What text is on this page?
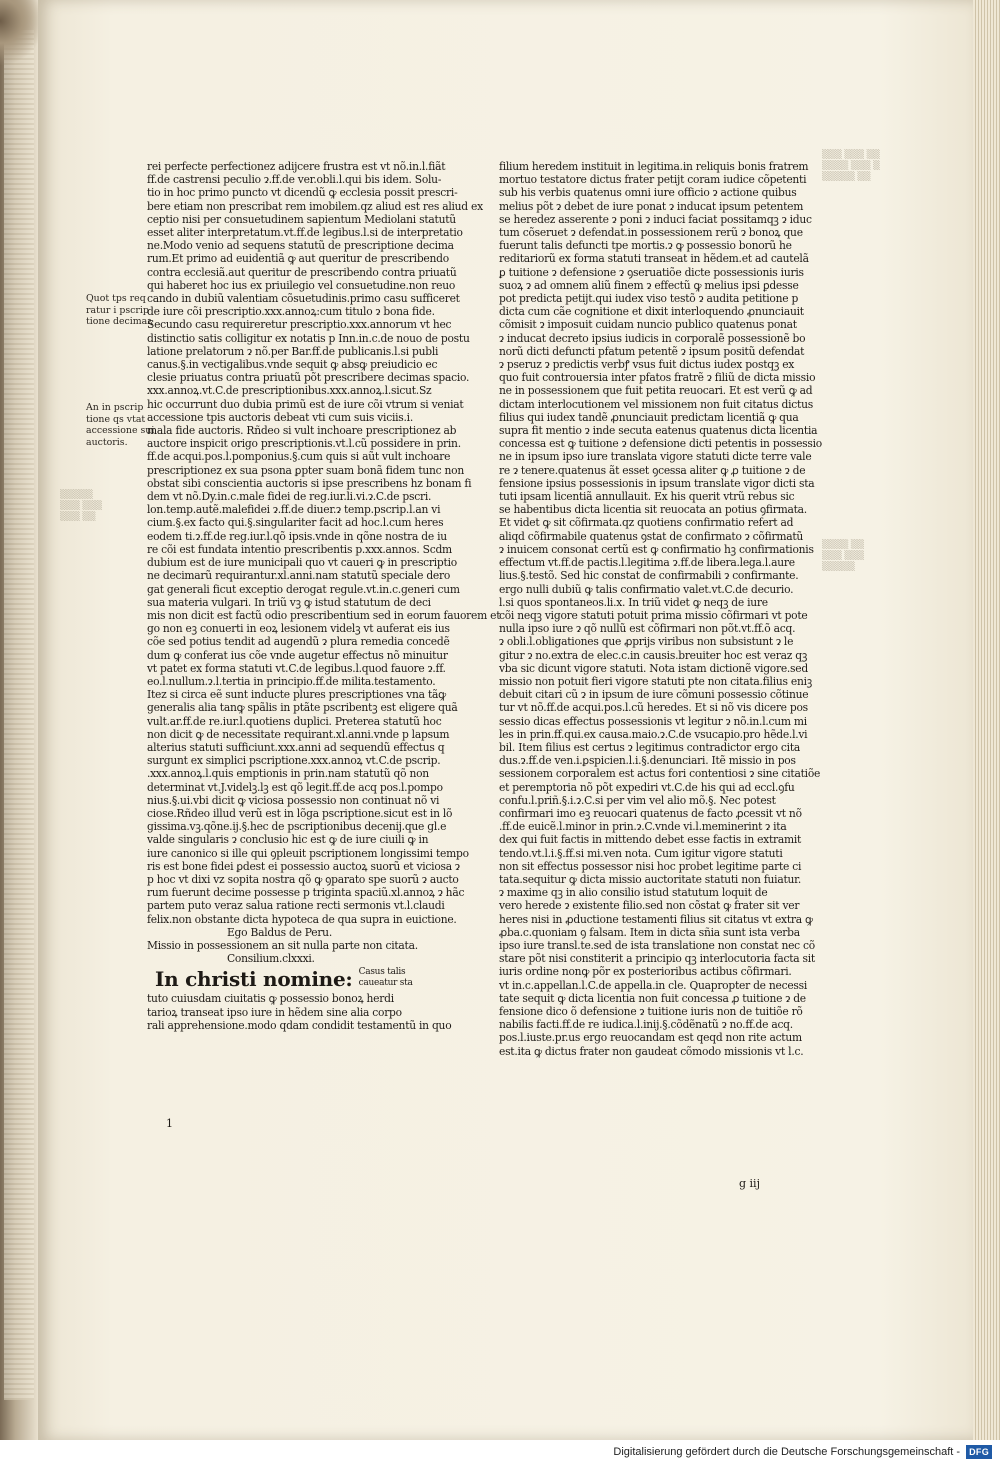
▒▒▒ ▒▒▒ ▒▒
▒▒▒▒ ▒▒▒ ▒
▒▒▒▒▒ ▒▒
▒▒▒▒▒
▒▒▒ ▒▒▒
▒▒▒ ▒▒
▒▒▒▒ ▒▒
▒▒▒ ▒▒▒
▒▒▒▒▒
Quot tps req
ratur i pscrip
tione decimaꝝ
An in pscrip
tione qs vtat
accessione sui
auctoris.

rei perfecte perfectionez adijcere frustra est vt nõ.in.l.fiãt

ff.de castrensi peculio ɂ.ff.de ver.obli.l.qui bis idem. Solu-

tio in hoc primo puncto vt dicendũ ꝙ ecclesia possit prescri-

bere etiam non prescribat rem imobilem.qz aliud est res aliud ex

ceptio nisi per consuetudinem sapientum Mediolani statutũ

esset aliter interpretatum.vt.ff.de legibus.l.si de interpretatio

ne.Modo venio ad sequens statutũ de prescriptione decima

rum.Et primo ad euidentiã ꝙ aut queritur de prescribendo

contra ecclesiã.aut queritur de prescribendo contra priuatũ

qui haberet hoc ius ex priuilegio vel consuetudine.non reuo

cando in dubiũ valentiam cõsuetudinis.primo casu sufficeret

de iure cõi prescriptio.xxx.annoꝝ:cum titulo ɂ bona fide.

Secundo casu requireretur prescriptio.xxx.annorum vt hec

distinctio satis colligitur ex notatis p Inn.in.c.de nouo de postu

latione prelatorum ɂ nõ.per Bar.ff.de publicanis.l.si publi

canus.§.in vectigalibus.vnde sequit ꝙ absꝙ preiudicio ec

clesie priuatus contra priuatũ põt prescribere decimas spacio.

xxx.annoꝝ.vt.C.de prescriptionibus.xxx.annoꝝ.l.sicut.Sz

hic occurrunt duo dubia primũ est de iure cõi vtrum si veniat

accessione tpis auctoris debeat vti cum suis viciis.i.

mala fide auctoris. Rñdeo si vult inchoare prescriptionez ab

auctore inspicit origo prescriptionis.vt.l.cũ possidere in prin.

ff.de acqui.pos.l.pomponius.§.cum quis si aũt vult inchoare

prescriptionez ex sua psona ꝑpter suam bonã fidem tunc non

obstat sibi conscientia auctoris si ipse prescribens hz bonam fi

dem vt nõ.Dy.in.c.male fidei de reg.iur.li.vi.ɂ.C.de pscri.

lon.temp.autẽ.malefidei ɂ.ff.de diuer.ɂ temp.pscrip.l.an vi

cium.§.ex facto qui.§.singulariter facit ad hoc.l.cum heres

eodem ti.ɂ.ff.de reg.iur.l.qõ ipsis.vnde in qõne nostra de iu

re cõi est fundata intentio prescribentis p.xxx.annos. Scdm

dubium est de iure municipali quo vt caueri ꝙ in prescriptio

ne decimarũ requirantur.xl.anni.nam statutũ speciale dero

gat generali ficut exceptio derogat regule.vt.in.c.generi cum

sua materia vulgari. In triũ vꝫ ꝙ istud statutum de deci

mis non dicit est factũ odio prescribentium sed in eorum fauorem et

go non eꝫ conuerti in eoꝝ lesionem videlꝫ vt auferat eis ius

cõe sed potius tendit ad augendũ ɂ plura remedia concedẽ

dum ꝙ conferat ius cõe vnde augetur effectus nõ minuitur

vt patet ex forma statuti vt.C.de legibus.l.quod fauore ɂ.ff.

eo.l.nullum.ɂ.l.tertia in principio.ff.de milita.testamento.

Itez si circa eẽ sunt inducte plures prescriptiones vna tãꝙ

generalis alia tanꝙ spãlis in ptãte pscribentꝫ est eligere quã

vult.ar.ff.de re.iur.l.quotiens duplici. Preterea statutũ hoc

non dicit ꝙ de necessitate requirant.xl.anni.vnde p lapsum

alterius statuti sufficiunt.xxx.anni ad sequendũ effectus q

surgunt ex simplici pscriptione.xxx.annoꝝ vt.C.de pscrip.

.xxx.annoꝝ.l.quis emptionis in prin.nam statutũ qõ non

determinat vt.J.videlꝫ.lꝫ est qõ legit.ff.de acq pos.l.pompo

nius.§.ui.vbi dicit ꝙ viciosa possessio non continuat nõ vi

ciose.Rñdeo illud verũ est in lõga pscriptione.sicut est in lõ

gissima.vꝫ.qõne.ij.§.hec de pscriptionibus decenij.que gl.e

valde singularis ɂ conclusio hic est ꝙ de iure ciuili ꝙ in

iure canonico si ille qui ꝯpleuit pscriptionem longissimi tempo

ris est bone fidei ꝑdest ei possessio auctoꝝ suorũ et viciosa ɂ

p hoc vt dixi vz sopita nostra qõ ꝙ ꝯparato spe suorũ ɂ aucto

rum fuerunt decime possesse p triginta spaciũ.xl.annoꝝ ɂ hãc

partem puto veraz salua ratione recti sermonis vt.l.claudi

felix.non obstante dicta hypoteca de qua supra in euictione.

Ego Baldus de Peru.

Missio in possessionem an sit nulla parte non citata.

Consilium.clxxxi.

In christi nomine: Casus talis
caueatur sta

tuto cuiusdam ciuitatis ꝙ possessio bonoꝝ herdi

tarioꝝ transeat ipso iure in hẽdem sine alia corpo

rali apprehensione.modo qdam condidit testamentũ in quo

1

filium heredem instituit in legitima.in reliquis bonis fratrem

mortuo testatore dictus frater petijt coram iudice cõpetenti

sub his verbis quatenus omni iure officio ɂ actione quibus

melius põt ɂ debet de iure ponat ɂ inducat ipsum petentem

se heredez asserente ɂ poni ɂ induci faciat possitamqꝫ ɂ iduc

tum cõseruet ɂ defendat.in possessionem rerũ ɂ bonoꝝ que

fuerunt talis defuncti tpe mortis.ɂ ꝙ possessio bonorũ he

reditariorũ ex forma statuti transeat in hẽdem.et ad cautelã

ꝑ tuitione ɂ defensione ɂ ꝯseruatiõe dicte possessionis iuris

suoꝝ ɂ ad omnem aliũ finem ɂ effectũ ꝙ melius ipsi ꝑdesse

pot predicta petijt.qui iudex viso testõ ɂ audita petitione p

dicta cum cãe cognitione et dixit interloquendo ꝓnunciauit

cõmisit ɂ imposuit cuidam nuncio publico quatenus ponat

ɂ inducat decreto ipsius iudicis in corporalẽ possessionẽ bo

norũ dicti defuncti pfatum petentẽ ɂ ipsum positũ defendat

ɂ pseruz ɂ predictis verbꝭ vsus fuit dictus iudex postqꝫ ex

quo fuit controuersia inter pfatos fratrẽ ɂ filiũ de dicta missio

ne in possessionem que fuit petita reuocari. Et est verũ ꝙ ad

dictam interlocutionem vel missionem non fuit citatus dictus

filius qui iudex tandẽ ꝓnunciauit predictam licentiã ꝙ qua

supra fit mentio ɂ inde secuta eatenus quatenus dicta licentia

concessa est ꝙ tuitione ɂ defensione dicti petentis in possessio

ne in ipsum ipso iure translata vigore statuti dicte terre vale

re ɂ tenere.quatenus ãt esset ꝯcessa aliter ꝙ ꝓ tuitione ɂ de

fensione ipsius possessionis in ipsum translate vigor dicti sta

tuti ipsam licentiã annullauit. Ex his querit vtrũ rebus sic

se habentibus dicta licentia sit reuocata an potius ꝯfirmata.

Et videt ꝙ sit cõfirmata.qz quotiens confirmatio refert ad

aliqd cõfirmabile quatenus ꝯstat de confirmato ɂ cõfirmatũ

ɂ inuicem consonat certũ est ꝙ confirmatio hꝫ confirmationis

effectum vt.ff.de pactis.l.legitima ɂ.ff.de libera.lega.l.aure

lius.§.testõ. Sed hic constat de confirmabili ɂ confirmante.

ergo nulli dubiũ ꝙ talis confirmatio valet.vt.C.de decurio.

l.si quos spontaneos.li.x. In triũ videt ꝙ neqꝫ de iure

cõi neqꝫ vigore statuti potuit prima missio cõfirmari vt pote

nulla ipso iure ɂ qõ nullũ est cõfirmari non põt.vt.ff.õ acq.

ɂ obli.l.obligationes que ꝓprijs viribus non subsistunt ɂ le

gitur ɂ no.extra de elec.c.in causis.breuiter hoc est veraz qꝫ

vba sic dicunt vigore statuti. Nota istam dictionẽ vigore.sed

missio non potuit fieri vigore statuti pte non citata.filius eniꝫ

debuit citari cũ ɂ in ipsum de iure cõmuni possessio cõtinue

tur vt nõ.ff.de acqui.pos.l.cũ heredes. Et si nõ vis dicere pos

sessio dicas effectus possessionis vt legitur ɂ nõ.in.l.cum mi

les in prin.ff.qui.ex causa.maio.ɂ.C.de vsucapio.pro hẽde.l.vi

bil. Item filius est certus ɂ legitimus contradictor ergo cita

dus.ɂ.ff.de ven.i.ꝑspicien.l.i.§.denunciari. Itẽ missio in pos

sessionem corporalem est actus fori contentiosi ɂ sine citatiõe

et peremptoria nõ põt expediri vt.C.de his qui ad eccl.ꝯfu

confu.l.priñ.§.i.ɂ.C.si per vim vel alio mõ.§. Nec potest

confirmari imo eꝫ reuocari quatenus de facto ꝓcessit vt nõ

.ff.de euicẽ.l.minor in prin.ɂ.C.vnde vi.l.meminerint ɂ ita

dex qui fuit factis in mittendo debet esse factis in extramit

tendo.vt.l.i.§.ff.si mi.ven nota. Cum igitur vigore statuti

non sit effectus possessor nisi hoc probet legitime parte ci

tata.sequitur ꝙ dicta missio auctoritate statuti non fuiatur.

ɂ maxime qꝫ in alio consilio istud statutum loquit de

vero herede ɂ existente filio.sed non cõstat ꝙ frater sit ver

heres nisi in ꝓductione testamenti filius sit citatus vt extra ꝙ

ꝓba.c.quoniam ꝯ falsam. Item in dicta sñia sunt ista verba

ipso iure transl.te.sed de ista translatione non constat nec cõ

stare põt nisi constiterit a principio qꝫ interlocutoria facta sit

iuris ordine nonꝙ põr ex posterioribus actibus cõfirmari.

vt in.c.appellan.l.C.de appella.in cle. Quapropter de necessi

tate sequit ꝙ dicta licentia non fuit concessa ꝓ tuitione ɂ de

fensione dico õ defensione ɂ tuitione iuris non de tuitiõe rõ

nabilis facti.ff.de re iudica.l.inij.§.cõdẽnatũ ɂ no.ff.de acq.

pos.l.iuste.pr.us ergo reuocandam est qeqd non rite actum

est.ita ꝙ dictus frater non gaudeat cõmodo missionis vt l.c.

g iij
Digitalisierung gefördert durch die Deutsche Forschungsgemeinschaft -	DFG
